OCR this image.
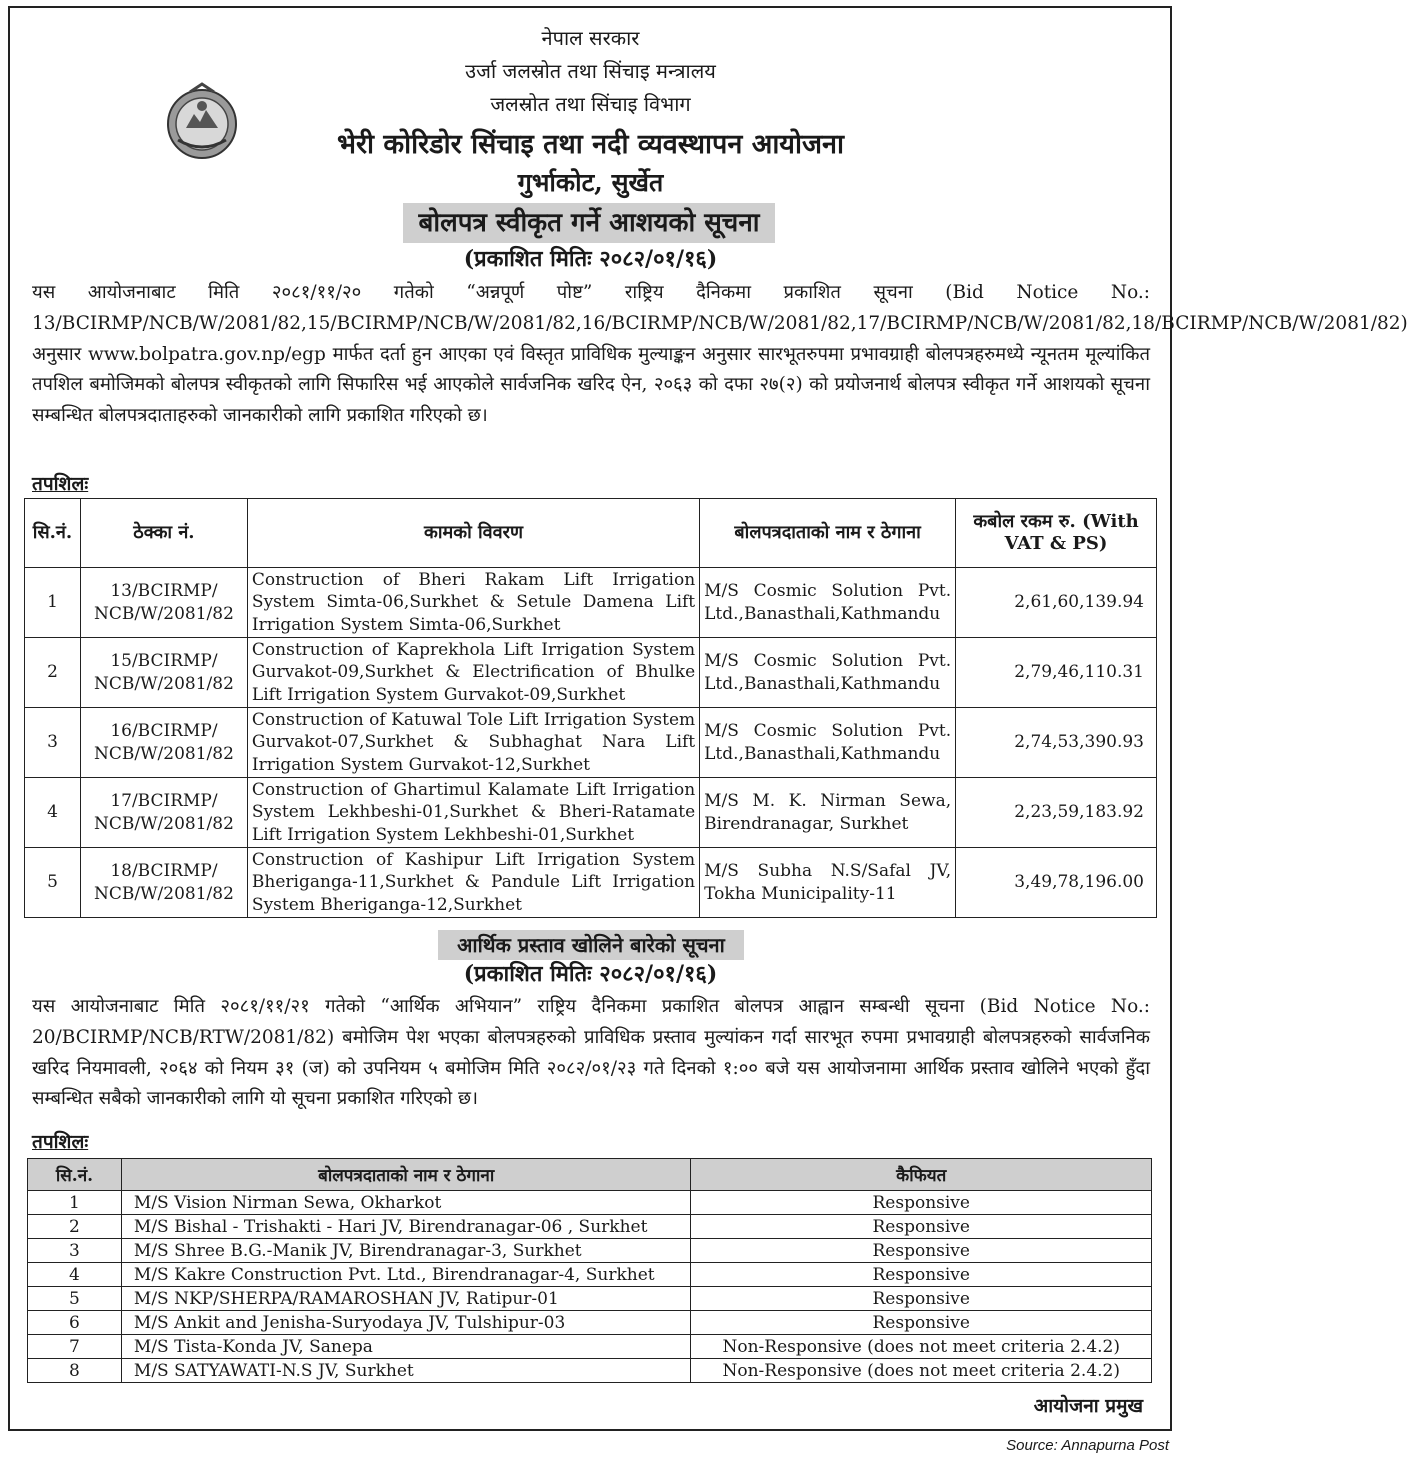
नेपाल सरकार
उर्जा जलस्रोत तथा सिंचाइ मन्त्रालय
जलस्रोत तथा सिंचाइ विभाग
भेरी कोरिडोर सिंचाइ तथा नदी व्यवस्थापन आयोजना
गुर्भाकोट, सुर्खेत
बोलपत्र स्वीकृत गर्ने आशयको सूचना
(प्रकाशित मितिः २०८२/०१/१६)
यस आयोजनाबाट मिति २०८१/११/२० गतेको “अन्नपूर्ण पोष्ट” राष्ट्रिय दैनिकमा प्रकाशित सूचना (Bid Notice No.: 13/BCIRMP/NCB/W/2081/82,15/BCIRMP/NCB/W/2081/82,16/BCIRMP/NCB/W/2081/82,17/BCIRMP/NCB/W/2081/82,18/BCIRMP/NCB/W/2081/82) अनुसार www.bolpatra.gov.np/egp मार्फत दर्ता हुन आएका एवं विस्तृत प्राविधिक मुल्याङ्कन अनुसार सारभूतरुपमा प्रभावग्राही बोलपत्रहरुमध्ये न्यूनतम मूल्यांकित तपशिल बमोजिमको बोलपत्र स्वीकृतको लागि सिफारिस भई आएकोले सार्वजनिक खरिद ऐन, २०६३ को दफा २७(२) को प्रयोजनार्थ बोलपत्र स्वीकृत गर्ने आशयको सूचना सम्बन्धित बोलपत्रदाताहरुको जानकारीको लागि प्रकाशित गरिएको छ।
तपशिलः
सि.नं.	ठेक्का नं.	कामको विवरण	बोलपत्रदाताको नाम र ठेगाना	कबोल रकम रु. (With VAT & PS)
1	13/BCIRMP/ NCB/W/2081/82	Construction of Bheri Rakam Lift Irrigation System Simta-06,Surkhet & Setule Damena Lift Irrigation System Simta-06,Surkhet	M/S Cosmic Solution Pvt. Ltd.,Banasthali,Kathmandu	2,61,60,139.94
2	15/BCIRMP/ NCB/W/2081/82	Construction of Kaprekhola Lift Irrigation System Gurvakot-09,Surkhet & Electrification of Bhulke Lift Irrigation System Gurvakot-09,Surkhet	M/S Cosmic Solution Pvt. Ltd.,Banasthali,Kathmandu	2,79,46,110.31
3	16/BCIRMP/ NCB/W/2081/82	Construction of Katuwal Tole Lift Irrigation System Gurvakot-07,Surkhet & Subhaghat Nara Lift Irrigation System Gurvakot-12,Surkhet	M/S Cosmic Solution Pvt. Ltd.,Banasthali,Kathmandu	2,74,53,390.93
4	17/BCIRMP/ NCB/W/2081/82	Construction of Ghartimul Kalamate Lift Irrigation System Lekhbeshi-01,Surkhet & Bheri-Ratamate Lift Irrigation System Lekhbeshi-01,Surkhet	M/S M. K. Nirman Sewa, Birendranagar, Surkhet	2,23,59,183.92
5	18/BCIRMP/ NCB/W/2081/82	Construction of Kashipur Lift Irrigation System Bheriganga-11,Surkhet & Pandule Lift Irrigation System Bheriganga-12,Surkhet	M/S Subha N.S/Safal JV, Tokha Municipality-11	3,49,78,196.00
आर्थिक प्रस्ताव खोलिने बारेको सूचना
(प्रकाशित मितिः २०८२/०१/१६)
यस आयोजनाबाट मिति २०८१/११/२१ गतेको “आर्थिक अभियान” राष्ट्रिय दैनिकमा प्रकाशित बोलपत्र आह्वान सम्बन्धी सूचना (Bid Notice No.: 20/BCIRMP/NCB/RTW/2081/82) बमोजिम पेश भएका बोलपत्रहरुको प्राविधिक प्रस्ताव मुल्यांकन गर्दा सारभूत रुपमा प्रभावग्राही बोलपत्रहरुको सार्वजनिक खरिद नियमावली, २०६४ को नियम ३१ (ज) को उपनियम ५ बमोजिम मिति २०८२/०१/२३ गते दिनको १:०० बजे यस आयोजनामा आर्थिक प्रस्ताव खोलिने भएको हुँदा सम्बन्धित सबैको जानकारीको लागि यो सूचना प्रकाशित गरिएको छ।
तपशिलः
सि.नं.	बोलपत्रदाताको नाम र ठेगाना	कैफियत
1	M/S Vision Nirman Sewa, Okharkot	Responsive
2	M/S Bishal - Trishakti - Hari JV, Birendranagar-06 , Surkhet	Responsive
3	M/S Shree B.G.-Manik JV, Birendranagar-3, Surkhet	Responsive
4	M/S Kakre Construction Pvt. Ltd., Birendranagar-4, Surkhet	Responsive
5	M/S NKP/SHERPA/RAMAROSHAN JV, Ratipur-01	Responsive
6	M/S Ankit and Jenisha-Suryodaya JV, Tulshipur-03	Responsive
7	M/S Tista-Konda JV, Sanepa	Non-Responsive (does not meet criteria 2.4.2)
8	M/S SATYAWATI-N.S JV, Surkhet	Non-Responsive (does not meet criteria 2.4.2)
आयोजना प्रमुख
Source: Annapurna Post
